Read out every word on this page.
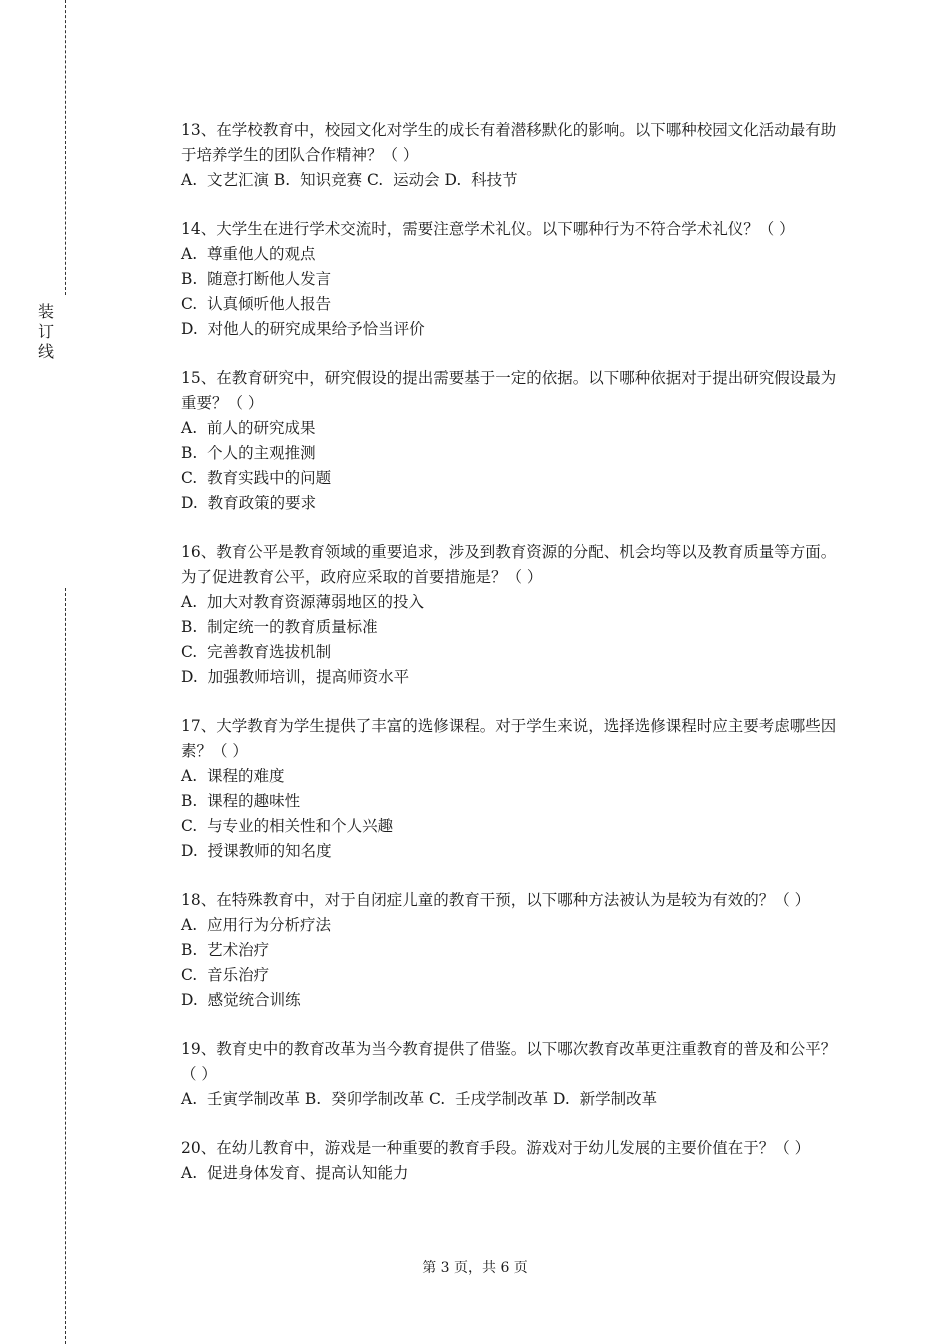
装
订
线

13、在学校教育中，校园文化对学生的成长有着潜移默化的影响。以下哪种校园文化活动最有助于培养学生的团队合作精神？（ ）

A.  文艺汇演 B.  知识竞赛 C.  运动会 D.  科技节

14、大学生在进行学术交流时，需要注意学术礼仪。以下哪种行为不符合学术礼仪？（ ）

A.  尊重他人的观点

B.  随意打断他人发言

C.  认真倾听他人报告

D.  对他人的研究成果给予恰当评价

15、在教育研究中，研究假设的提出需要基于一定的依据。以下哪种依据对于提出研究假设最为重要？（ ）

A.  前人的研究成果

B.  个人的主观推测

C.  教育实践中的问题

D.  教育政策的要求

16、教育公平是教育领域的重要追求，涉及到教育资源的分配、机会均等以及教育质量等方面。为了促进教育公平，政府应采取的首要措施是？（ ）

A.  加大对教育资源薄弱地区的投入

B.  制定统一的教育质量标准

C.  完善教育选拔机制

D.  加强教师培训，提高师资水平

17、大学教育为学生提供了丰富的选修课程。对于学生来说，选择选修课程时应主要考虑哪些因素？（ ）

A.  课程的难度

B.  课程的趣味性

C.  与专业的相关性和个人兴趣

D.  授课教师的知名度

18、在特殊教育中，对于自闭症儿童的教育干预，以下哪种方法被认为是较为有效的？（ ）

A.  应用行为分析疗法

B.  艺术治疗

C.  音乐治疗

D.  感觉统合训练

19、教育史中的教育改革为当今教育提供了借鉴。以下哪次教育改革更注重教育的普及和公平？（ ）

A.  壬寅学制改革 B.  癸卯学制改革 C.  壬戌学制改革 D.  新学制改革

20、在幼儿教育中，游戏是一种重要的教育手段。游戏对于幼儿发展的主要价值在于？（ ）

A.  促进身体发育、提高认知能力

第 3 页，共 6 页
